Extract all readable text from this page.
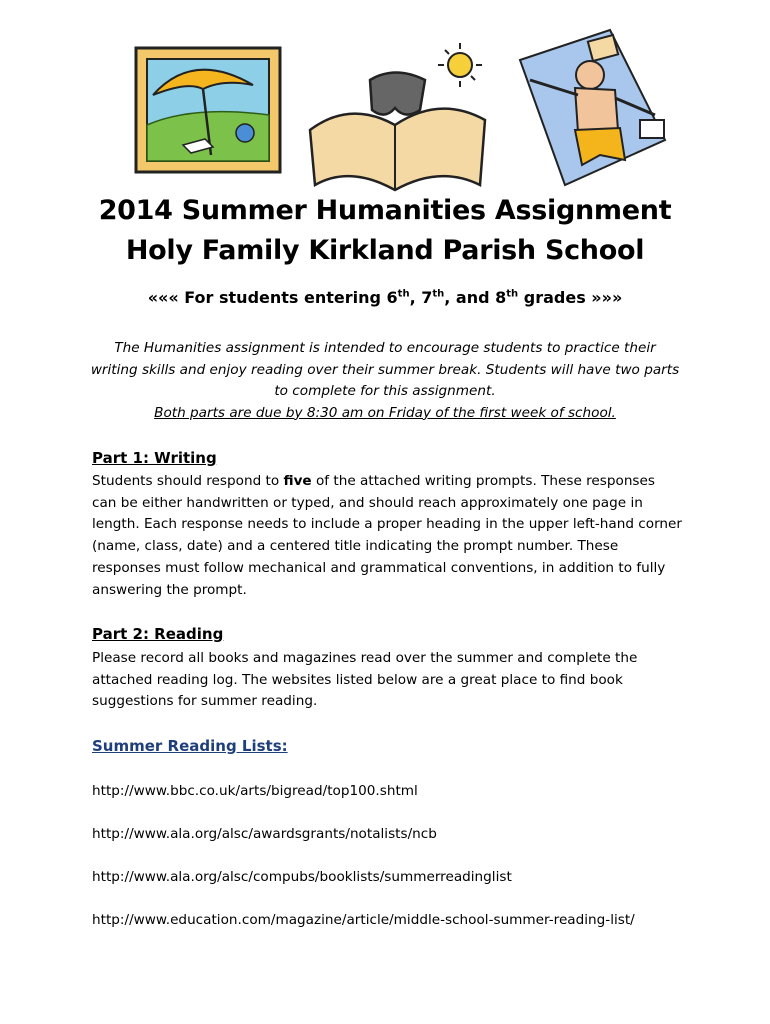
2014 Summer Humanities Assignment
Holy Family Kirkland Parish School

««« For students entering 6th, 7th, and 8th grades »»»

The Humanities assignment is intended to encourage students to practice their writing skills and enjoy reading over their summer break. Students will have two parts to complete for this assignment.
Both parts are due by 8:30 am on Friday of the first week of school.

Part 1: Writing

Students should respond to five of the attached writing prompts. These responses can be either handwritten or typed, and should reach approximately one page in length. Each response needs to include a proper heading in the upper left-hand corner (name, class, date) and a centered title indicating the prompt number. These responses must follow mechanical and grammatical conventions, in addition to fully answering the prompt.

Part 2: Reading

Please record all books and magazines read over the summer and complete the attached reading log. The websites listed below are a great place to find book suggestions for summer reading.

Summer Reading Lists:

http://www.bbc.co.uk/arts/bigread/top100.shtml

http://www.ala.org/alsc/awardsgrants/notalists/ncb

http://www.ala.org/alsc/compubs/booklists/summerreadinglist

http://www.education.com/magazine/article/middle-school-summer-reading-list/
